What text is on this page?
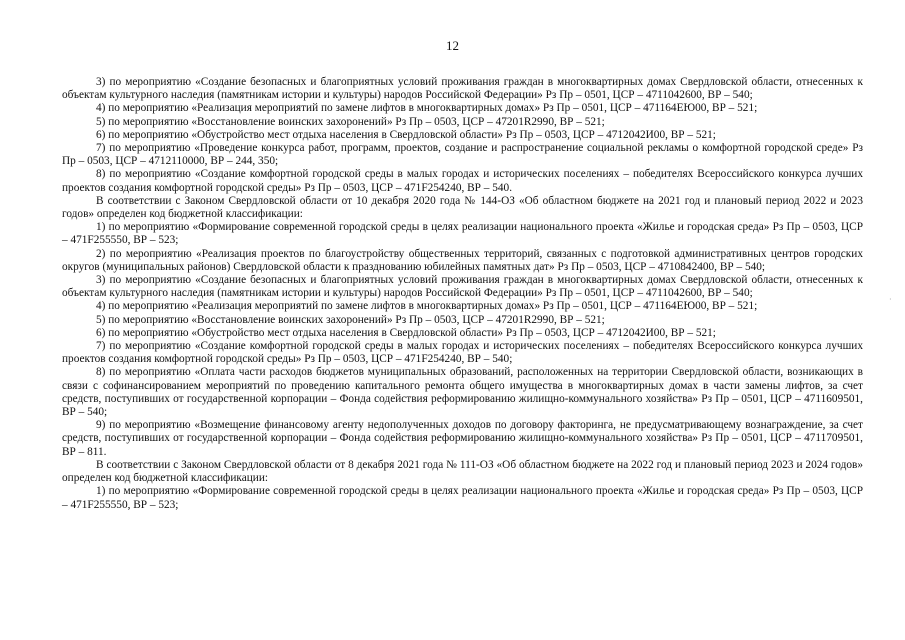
12

3) по мероприятию «Создание безопасных и благоприятных условий проживания граждан в многоквартирных домах Свердловской области, отнесенных к объектам культурного наследия (памятникам истории и культуры) народов Российской Федерации» Рз Пр – 0501, ЦСР – 4711042600, ВР – 540;

4) по мероприятию «Реализация мероприятий по замене лифтов в многоквартирных домах» Рз Пр – 0501, ЦСР – 471164ЕЮ00, ВР – 521;

5) по мероприятию «Восстановление воинских захоронений» Рз Пр – 0503, ЦСР – 47201R2990, ВР – 521;

6) по мероприятию «Обустройство мест отдыха населения в Свердловской области» Рз Пр – 0503, ЦСР – 4712042И00, ВР – 521;

7) по мероприятию «Проведение конкурса работ, программ, проектов, создание и распространение социальной рекламы о комфортной городской среде» Рз Пр – 0503, ЦСР – 4712110000, ВР – 244, 350;

8) по мероприятию «Создание комфортной городской среды в малых городах и исторических поселениях – победителях Всероссийского конкурса лучших проектов создания комфортной городской среды» Рз Пр – 0503, ЦСР – 471F254240, ВР – 540.

В соответствии с Законом Свердловской области от 10 декабря 2020 года № 144-ОЗ «Об областном бюджете на 2021 год и плановый период 2022 и 2023 годов» определен код бюджетной классификации:

1) по мероприятию «Формирование современной городской среды в целях реализации национального проекта «Жилье и городская среда» Рз Пр – 0503, ЦСР – 471F255550, ВР – 523;

2) по мероприятию «Реализация проектов по благоустройству общественных территорий, связанных с подготовкой административных центров городских округов (муниципальных районов) Свердловской области к празднованию юбилейных памятных дат» Рз Пр – 0503, ЦСР – 4710842400, ВР – 540;

3) по мероприятию «Создание безопасных и благоприятных условий проживания граждан в многоквартирных домах Свердловской области, отнесенных к объектам культурного наследия (памятникам истории и культуры) народов Российской Федерации» Рз Пр – 0501, ЦСР – 4711042600, ВР – 540;

4) по мероприятию «Реализация мероприятий по замене лифтов в многоквартирных домах» Рз Пр – 0501, ЦСР – 471164ЕЮ00, ВР – 521;

5) по мероприятию «Восстановление воинских захоронений» Рз Пр – 0503, ЦСР – 47201R2990, ВР – 521;

6) по мероприятию «Обустройство мест отдыха населения в Свердловской области» Рз Пр – 0503, ЦСР – 4712042И00, ВР – 521;

7) по мероприятию «Создание комфортной городской среды в малых городах и исторических поселениях – победителях Всероссийского конкурса лучших проектов создания комфортной городской среды» Рз Пр – 0503, ЦСР – 471F254240, ВР – 540;

8) по мероприятию «Оплата части расходов бюджетов муниципальных образований, расположенных на территории Свердловской области, возникающих в связи с софинансированием мероприятий по проведению капитального ремонта общего имущества в многоквартирных домах в части замены лифтов, за счет средств, поступивших от государственной корпорации – Фонда содействия реформированию жилищно-коммунального хозяйства» Рз Пр – 0501, ЦСР – 4711609501, ВР – 540;

9) по мероприятию «Возмещение финансовому агенту недополученных доходов по договору факторинга, не предусматривающему вознаграждение, за счет средств, поступивших от государственной корпорации – Фонда содействия реформированию жилищно-коммунального хозяйства» Рз Пр – 0501, ЦСР – 4711709501, ВР – 811.

В соответствии с Законом Свердловской области от 8 декабря 2021 года № 111-ОЗ «Об областном бюджете на 2022 год и плановый период 2023 и 2024 годов» определен код бюджетной классификации:

1) по мероприятию «Формирование современной городской среды в целях реализации национального проекта «Жилье и городская среда» Рз Пр – 0503, ЦСР – 471F255550, ВР – 523;

·
